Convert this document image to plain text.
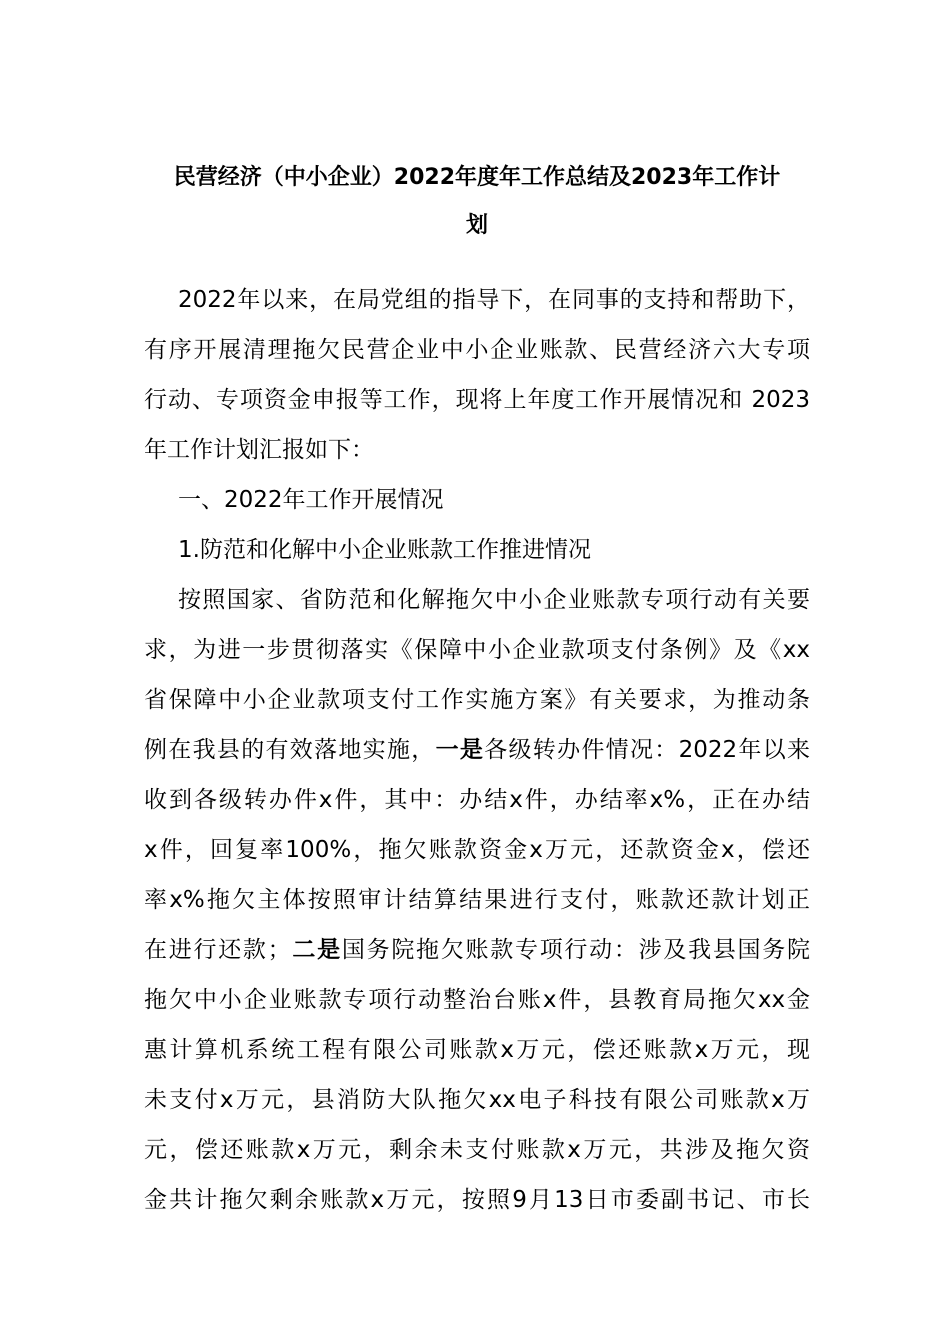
民营经济（中小企业）2022年度年工作总结及2023年工作计
划
2022年以来，在局党组的指导下，在同事的支持和帮助下，
有序开展清理拖欠民营企业中小企业账款、民营经济六大专项
行动、专项资金申报等工作，现将上年度工作开展情况和 2023
年工作计划汇报如下：
一、2022年工作开展情况
1.防范和化解中小企业账款工作推进情况
按照国家、省防范和化解拖欠中小企业账款专项行动有关要
求，为进一步贯彻落实《保障中小企业款项支付条例》及《xx
省保障中小企业款项支付工作实施方案》有关要求，为推动条
例在我县的有效落地实施，一是各级转办件情况：2022年以来
收到各级转办件x件，其中：办结x件，办结率x%，正在办结
x件，回复率100%，拖欠账款资金x万元，还款资金x，偿还
率x%拖欠主体按照审计结算结果进行支付，账款还款计划正
在进行还款；二是国务院拖欠账款专项行动：涉及我县国务院
拖欠中小企业账款专项行动整治台账x件，县教育局拖欠xx金
惠计算机系统工程有限公司账款x万元，偿还账款x万元，现
未支付x万元，县消防大队拖欠xx电子科技有限公司账款x万
元，偿还账款x万元，剩余未支付账款x万元，共涉及拖欠资
金共计拖欠剩余账款x万元，按照9月13日市委副书记、市长
